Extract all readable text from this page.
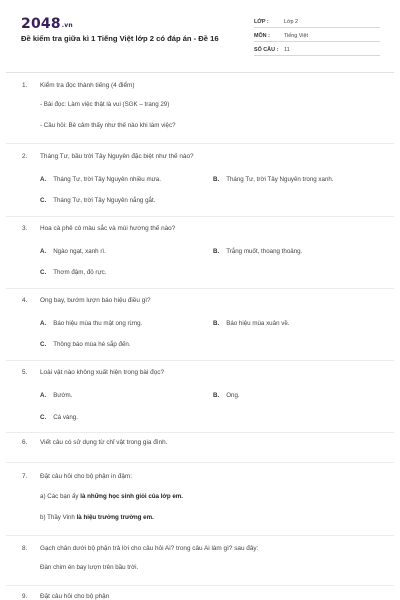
2048.vn
Đề kiểm tra giữa kì 1 Tiếng Việt lớp 2 có đáp án - Đề 16
LỚP :	Lớp 2
MÔN :	Tiếng Việt
SỐ CÂU : 11
1. Kiểm tra đọc thành tiếng (4 điểm)
- Bài đọc: Làm việc thật là vui (SGK – trang 29)
- Câu hỏi: Bé cảm thấy như thế nào khi làm việc?
2. Tháng Tư, bầu trời Tây Nguyên đặc biệt như thế nào?
A. Tháng Tư, trời Tây Nguyên nhiều mưa.	B. Tháng Tư, trời Tây Nguyên trong xanh.
C. Tháng Tư, trời Tây Nguyên nắng gắt.
3. Hoa cà phê có màu sắc và mùi hương thế nào?
A. Ngào ngạt, xanh rì.	B. Trắng muốt, thoang thoảng.
C. Thơm đậm, đỏ rực.
4. Ong bay, bướm lượn báo hiệu điều gì?
A. Báo hiệu mùa thu mật ong rừng.	B. Báo hiệu mùa xuân về.
C. Thông báo mùa hè sắp đến.
5. Loài vật nào không xuất hiện trong bài đọc?
A. Bướm.	B. Ong.
C. Cá vàng.
6. Viết câu có sử dụng từ chỉ vật trong gia đình.
7. Đặt câu hỏi cho bộ phận in đậm:
a) Các bạn ấy là những học sinh giỏi của lớp em.
b) Thầy Vinh là hiệu trưởng trường em.
8. Gạch chân dưới bộ phận trả lời cho câu hỏi Ai? trong câu Ai làm gì? sau đây:
Đàn chim én bay lượn trên bầu trời.
9. Đặt câu hỏi cho bộ phận
